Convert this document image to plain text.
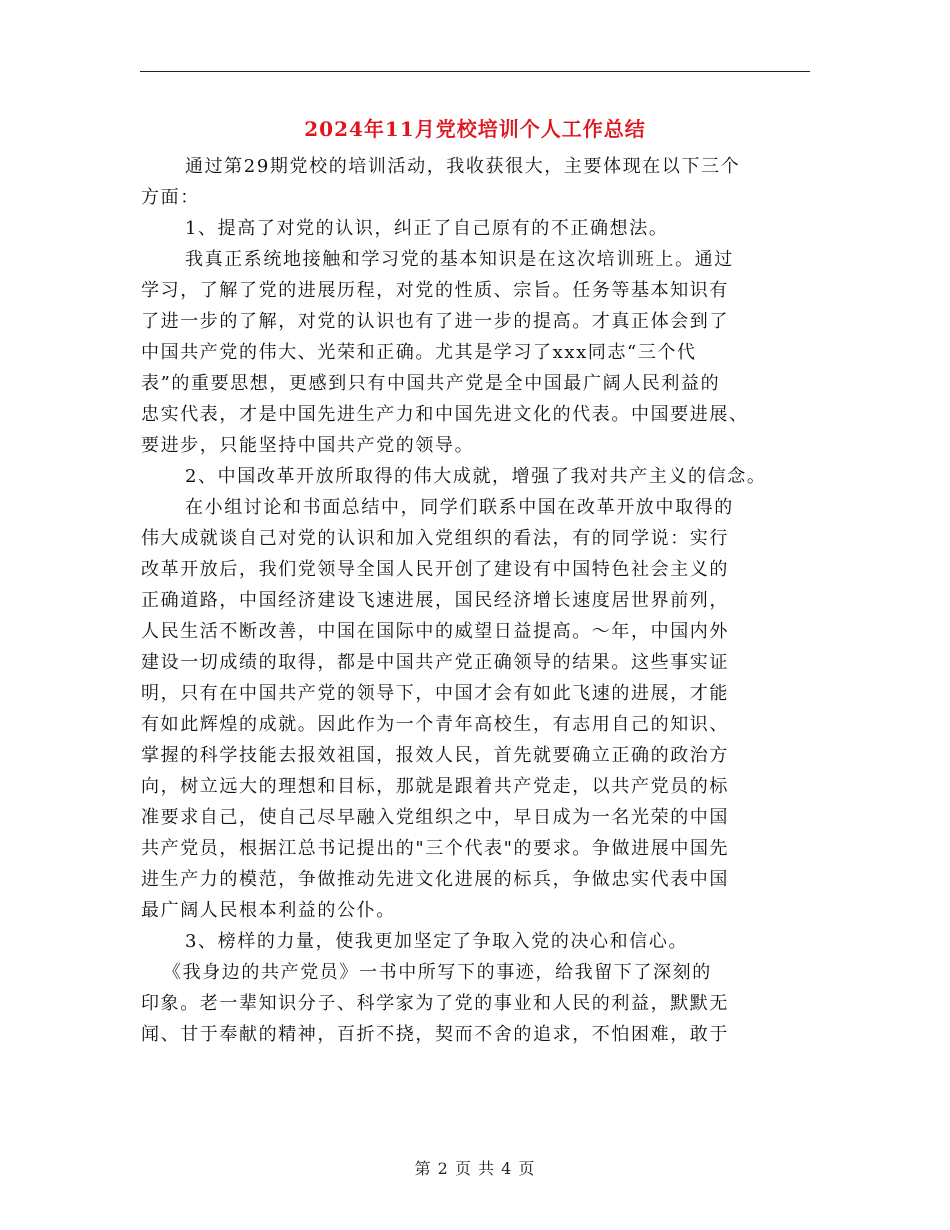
2024年11月党校培训个人工作总结
通过第29期党校的培训活动，我收获很大，主要体现在以下三个
方面：
1、提高了对党的认识，纠正了自己原有的不正确想法。
我真正系统地接触和学习党的基本知识是在这次培训班上。通过
学习，了解了党的进展历程，对党的性质、宗旨。任务等基本知识有
了进一步的了解，对党的认识也有了进一步的提高。才真正体会到了
中国共产党的伟大、光荣和正确。尤其是学习了xxx同志“三个代
表”的重要思想，更感到只有中国共产党是全中国最广阔人民利益的
忠实代表，才是中国先进生产力和中国先进文化的代表。中国要进展、
要进步，只能坚持中国共产党的领导。
2、中国改革开放所取得的伟大成就，增强了我对共产主义的信念。
在小组讨论和书面总结中，同学们联系中国在改革开放中取得的
伟大成就谈自己对党的认识和加入党组织的看法，有的同学说：实行
改革开放后，我们党领导全国人民开创了建设有中国特色社会主义的
正确道路，中国经济建设飞速进展，国民经济增长速度居世界前列，
人民生活不断改善，中国在国际中的威望日益提高。～年，中国内外
建设一切成绩的取得，都是中国共产党正确领导的结果。这些事实证
明，只有在中国共产党的领导下，中国才会有如此飞速的进展，才能
有如此辉煌的成就。因此作为一个青年高校生，有志用自己的知识、
掌握的科学技能去报效祖国，报效人民，首先就要确立正确的政治方
向，树立远大的理想和目标，那就是跟着共产党走，以共产党员的标
准要求自己，使自己尽早融入党组织之中，早日成为一名光荣的中国
共产党员，根据江总书记提出的"三个代表"的要求。争做进展中国先
进生产力的模范，争做推动先进文化进展的标兵，争做忠实代表中国
最广阔人民根本利益的公仆。
3、榜样的力量，使我更加坚定了争取入党的决心和信心。
《我身边的共产党员》一书中所写下的事迹，给我留下了深刻的
印象。老一辈知识分子、科学家为了党的事业和人民的利益，默默无
闻、甘于奉献的精神，百折不挠，契而不舍的追求，不怕困难，敢于
第 2 页 共 4 页
